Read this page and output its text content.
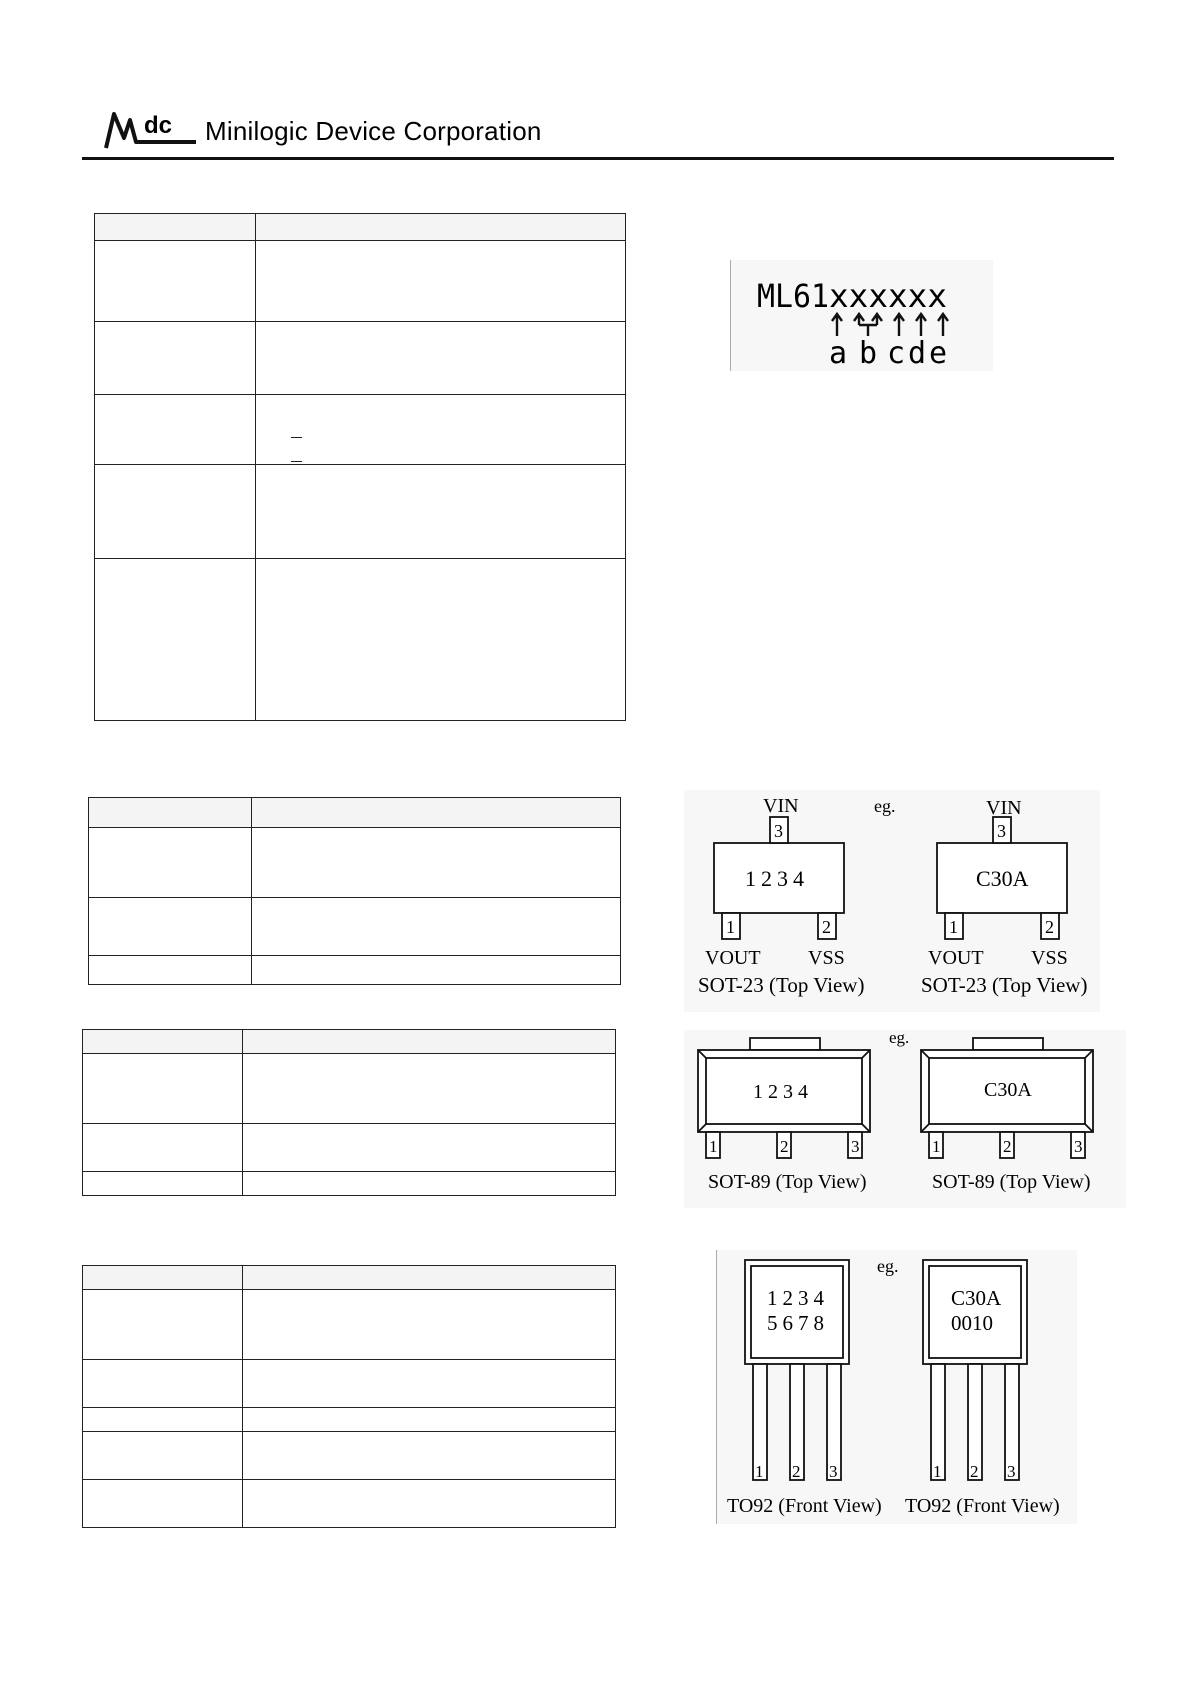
dc Minilogic Device Corporation

ML61 xxxxxx
a b c d e
VIN
3
1234
1	2
VOUT VSS
SOT-23 (Top View)
eg.	VIN
3
C30A
1	2
VOUT VSS
SOT-23 (Top View)
1234
1	2	3
SOT-89 (Top View)
eg.
C30A
1	2	3
SOT-89 (Top View)
1234
5678
1 2 3
TO92 (Front View)
eg.
C30A
0010
1 2 3
TO92 (Front View)
